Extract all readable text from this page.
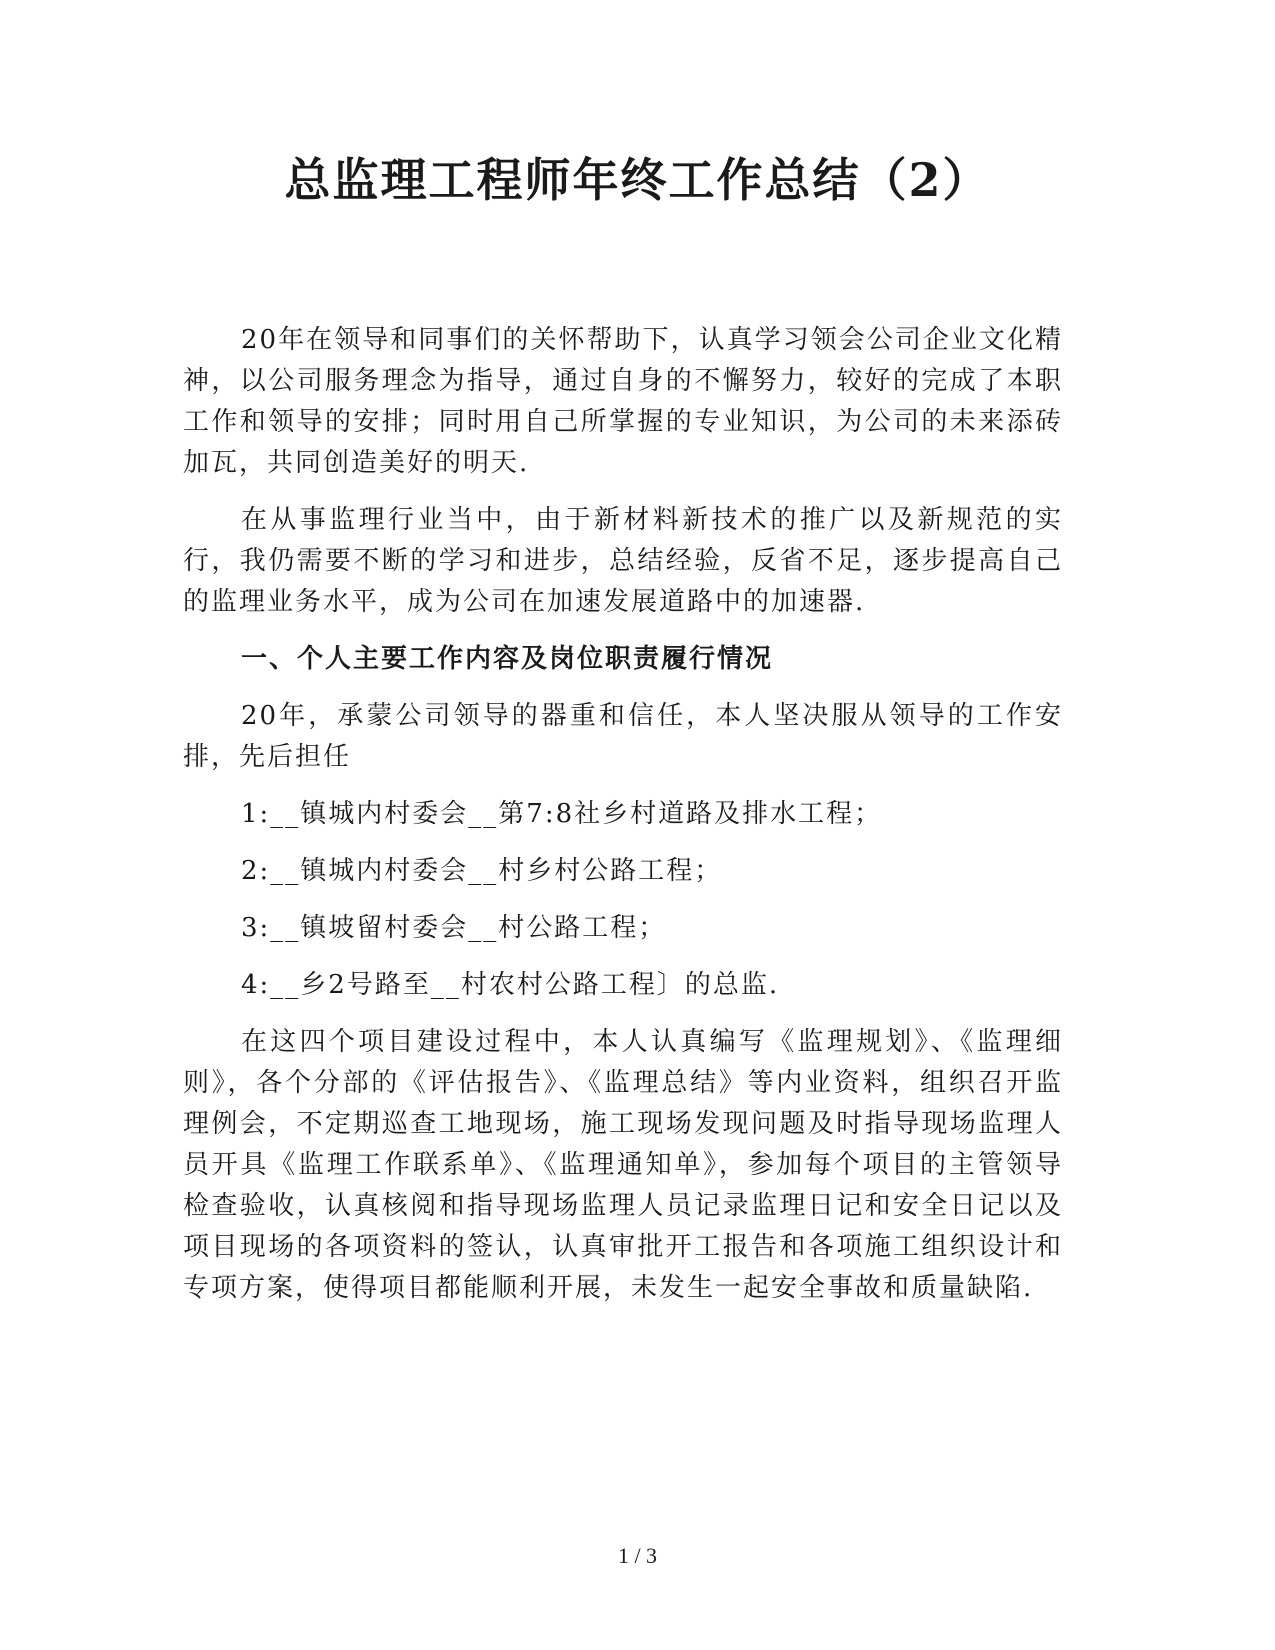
总监理工程师年终工作总结（2）

20年在领导和同事们的关怀帮助下，认真学习领会公司企业文化精神，以公司服务理念为指导，通过自身的不懈努力，较好的完成了本职工作和领导的安排；同时用自己所掌握的专业知识，为公司的未来添砖加瓦，共同创造美好的明天.

在从事监理行业当中，由于新材料新技术的推广以及新规范的实行，我仍需要不断的学习和进步，总结经验，反省不足，逐步提高自己的监理业务水平，成为公司在加速发展道路中的加速器.

一、个人主要工作内容及岗位职责履行情况

20年，承蒙公司领导的器重和信任，本人坚决服从领导的工作安排，先后担任

1:__镇城内村委会__第7:8社乡村道路及排水工程；

2:__镇城内村委会__村乡村公路工程；

3:__镇坡留村委会__村公路工程；

4:__乡2号路至__村农村公路工程〕的总监.

在这四个项目建设过程中，本人认真编写《监理规划》、《监理细则》，各个分部的《评估报告》、《监理总结》等内业资料，组织召开监理例会，不定期巡查工地现场，施工现场发现问题及时指导现场监理人员开具《监理工作联系单》、《监理通知单》，参加每个项目的主管领导检查验收，认真核阅和指导现场监理人员记录监理日记和安全日记以及项目现场的各项资料的签认，认真审批开工报告和各项施工组织设计和专项方案，使得项目都能顺利开展，未发生一起安全事故和质量缺陷.

1 / 3
